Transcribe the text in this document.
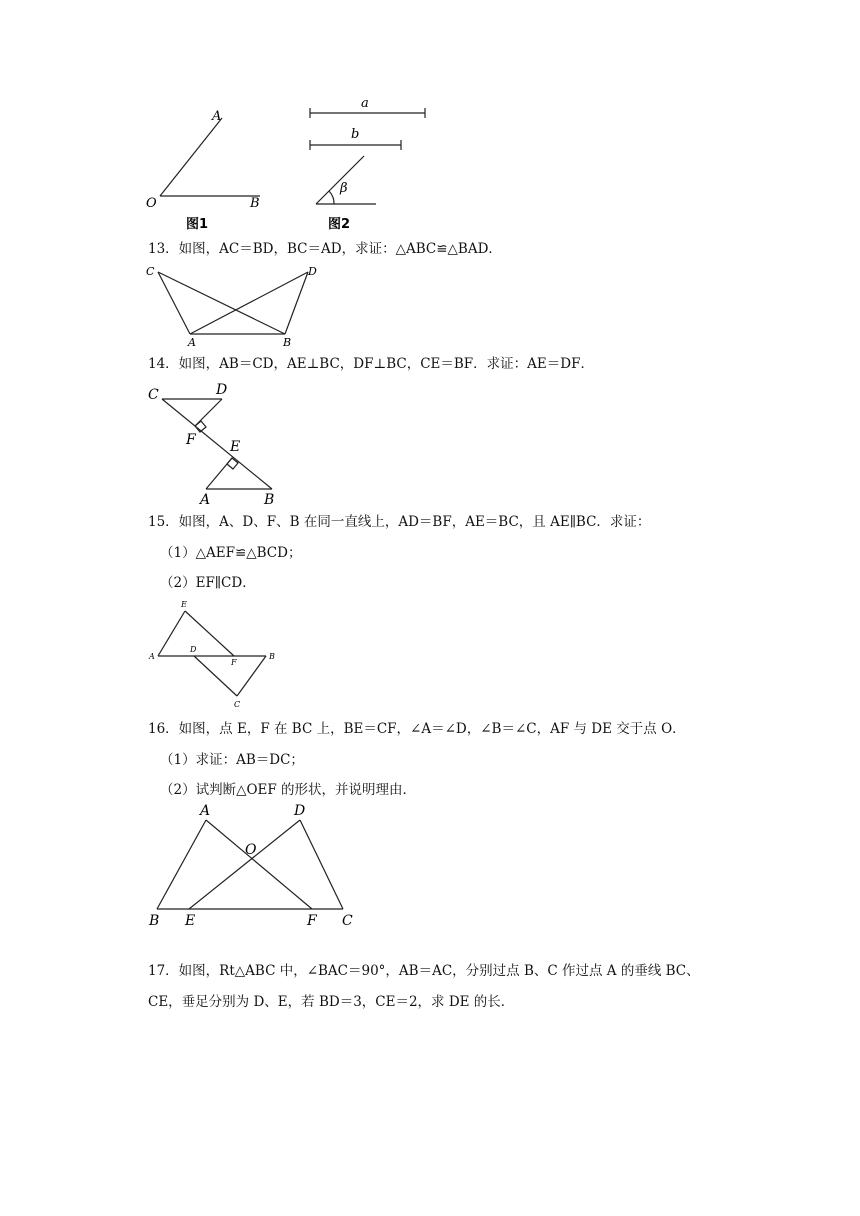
A
O	B
图1
a
b
β
图2
13．如图，AC＝BD，BC＝AD，求证：△ABC≌△BAD．
C	D
A	B
14．如图，AB＝CD，AE⊥BC，DF⊥BC，CE＝BF．求证：AE＝DF．
C	D
F E
A	B
15．如图，A、D、F、B 在同一直线上，AD＝BF，AE＝BC，且 AE∥BC．求证：
（1）△AEF≌△BCD；
（2）EF∥CD．
E
A
D
F
B
C
16．如图，点 E，F 在 BC 上，BE＝CF，∠A＝∠D，∠B＝∠C，AF 与 DE 交于点 O．
（1）求证：AB＝DC；
（2）试判断△OEF 的形状，并说明理由．
A	D
O
B E	F C
17．如图，Rt△ABC 中，∠BAC＝90°，AB＝AC，分别过点 B、C 作过点 A 的垂线 BC、
CE，垂足分别为 D、E，若 BD＝3，CE＝2，求 DE 的长．
